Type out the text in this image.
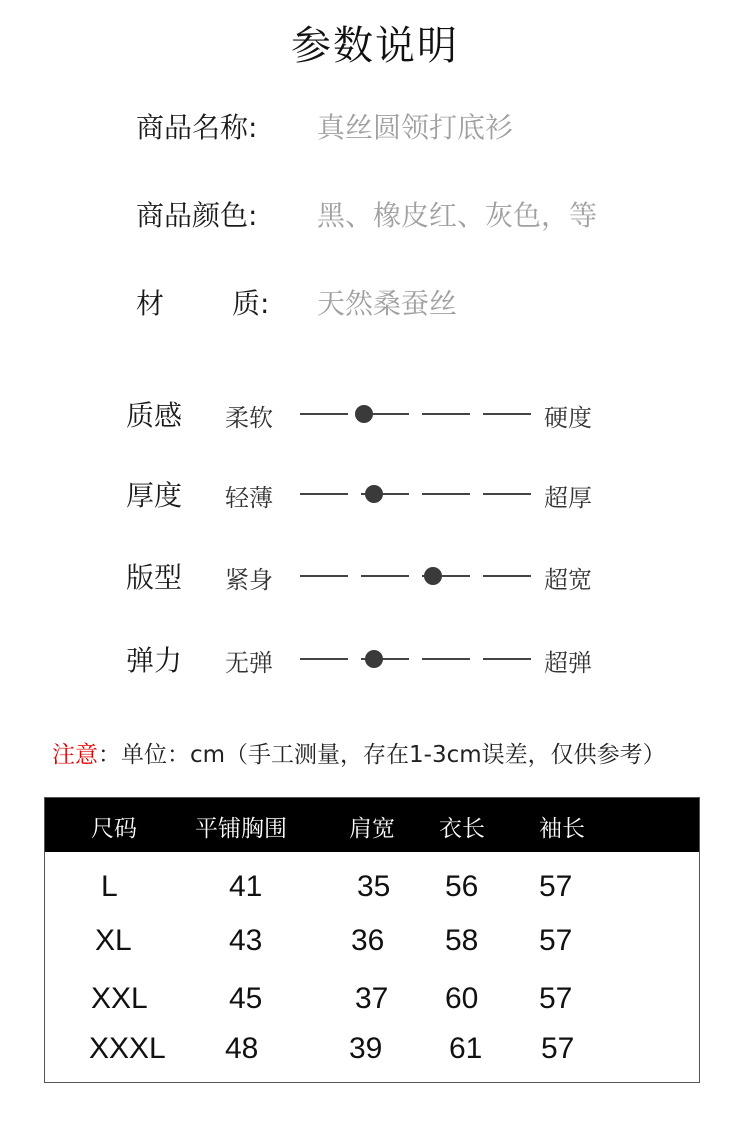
参数说明
商品名称: 真丝圆领打底衫
商品颜色: 黑、橡皮红、灰色，等
材 质: 天然桑蚕丝
质感 柔软	硬度
厚度 轻薄	超厚
版型 紧身	超宽
弹力 无弹	超弹
注意：单位：cm（手工测量，存在1-3cm误差，仅供参考）
尺码	平铺胸围	肩宽 衣长 袖长
L	41	35 56 57
XL	43	36 58 57
XXL	45	37 60 57
XXXL 48	39 61 57
